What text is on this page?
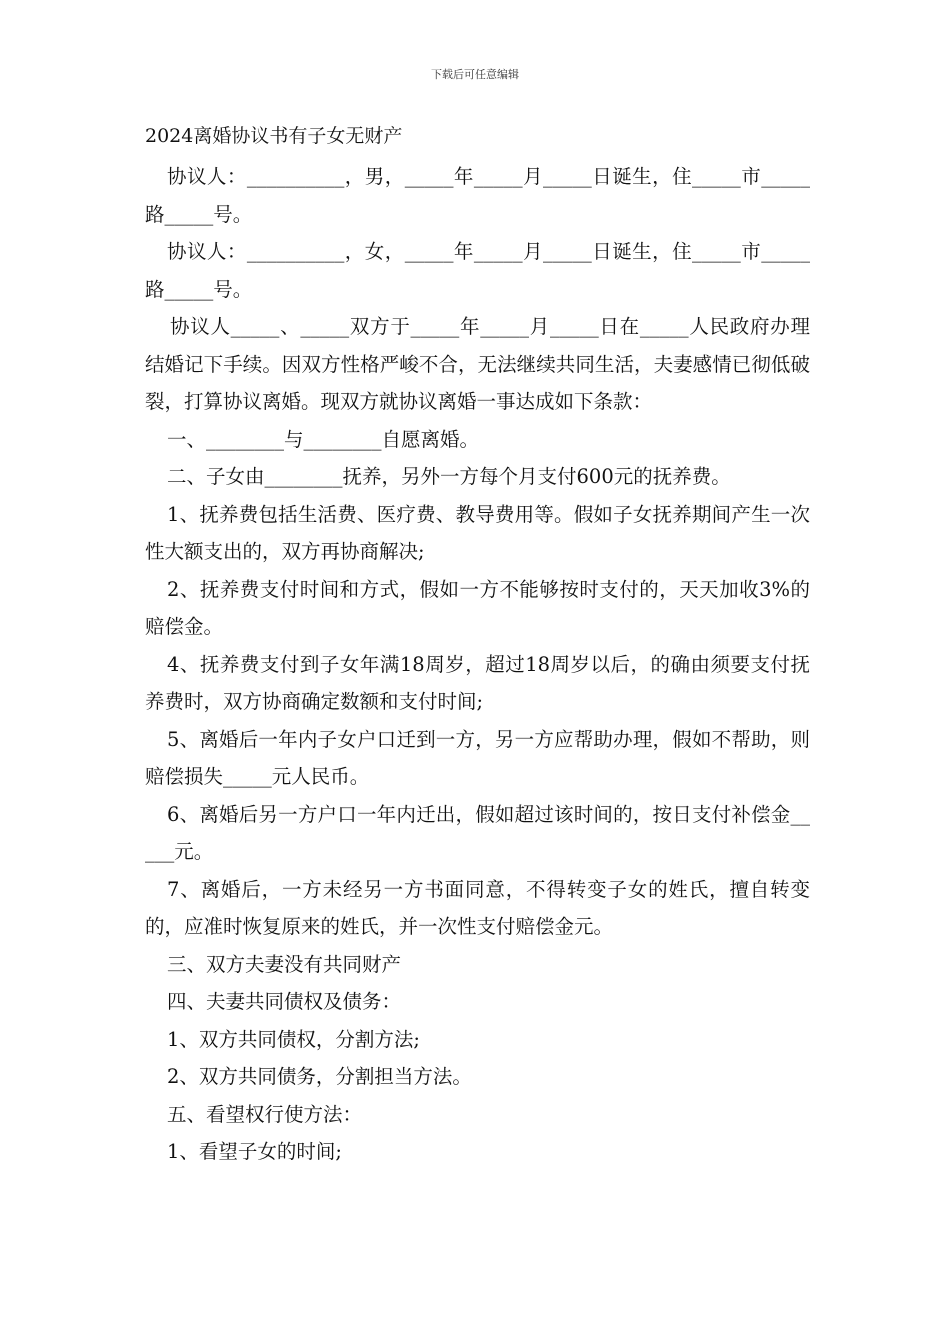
下载后可任意编辑
2024离婚协议书有子女无财产

协议人：__________，男，_____年_____月_____日诞生，住_____市_____路_____号。

协议人：__________，女，_____年_____月_____日诞生，住_____市_____路_____号。

协议人_____、_____双方于_____年_____月_____日在_____人民政府办理结婚记下手续。因双方性格严峻不合，无法继续共同生活，夫妻感情已彻低破裂，打算协议离婚。现双方就协议离婚一事达成如下条款：

一、________与________自愿离婚。

二、子女由________抚养，另外一方每个月支付600元的抚养费。

1、抚养费包括生活费、医疗费、教导费用等。假如子女抚养期间产生一次性大额支出的，双方再协商解决;

2、抚养费支付时间和方式，假如一方不能够按时支付的，天天加收3%的赔偿金。

4、抚养费支付到子女年满18周岁，超过18周岁以后，的确由须要支付抚养费时，双方协商确定数额和支付时间;

5、离婚后一年内子女户口迁到一方，另一方应帮助办理，假如不帮助，则赔偿损失_____元人民币。

6、离婚后另一方户口一年内迁出，假如超过该时间的，按日支付补偿金_____元。

7、离婚后，一方未经另一方书面同意，不得转变子女的姓氏，擅自转变的，应准时恢复原来的姓氏，并一次性支付赔偿金元。

三、双方夫妻没有共同财产

四、夫妻共同债权及债务：

1、双方共同债权，分割方法;

2、双方共同债务，分割担当方法。

五、看望权行使方法：

1、看望子女的时间;
